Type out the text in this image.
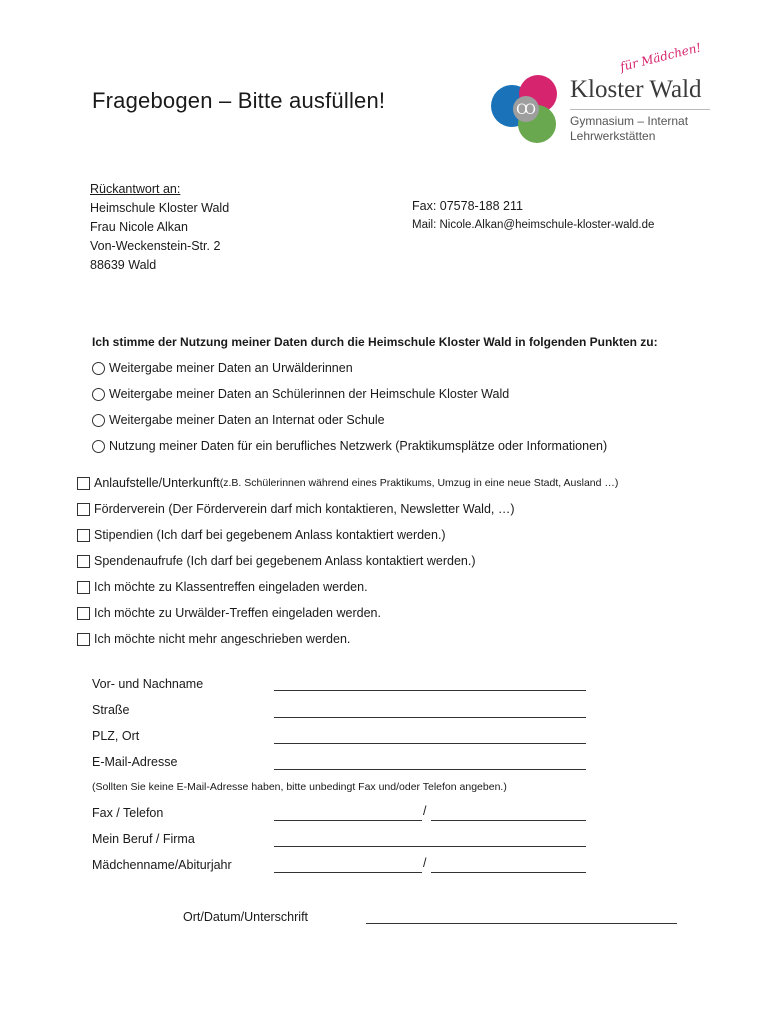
Fragebogen – Bitte ausfüllen!	Ꝏ
für Mädchen!
Kloster Wald
Gymnasium – Internat
Lehrwerkstätten
Rückantwort an:
Heimschule Kloster Wald
Frau Nicole Alkan
Von-Weckenstein-Str. 2
88639 Wald
Fax: 07578-188 211
Mail: Nicole.Alkan@heimschule-kloster-wald.de
Ich stimme der Nutzung meiner Daten durch die Heimschule Kloster Wald in folgenden Punkten zu:
Weitergabe meiner Daten an Urwälderinnen
Weitergabe meiner Daten an Schülerinnen der Heimschule Kloster Wald
Weitergabe meiner Daten an Internat oder Schule
Nutzung meiner Daten für ein berufliches Netzwerk (Praktikumsplätze oder Informationen)
Anlaufstelle/Unterkunft (z.B. Schülerinnen während eines Praktikums, Umzug in eine neue Stadt, Ausland …)
Förderverein (Der Förderverein darf mich kontaktieren, Newsletter Wald, …)
Stipendien (Ich darf bei gegebenem Anlass kontaktiert werden.)
Spendenaufrufe (Ich darf bei gegebenem Anlass kontaktiert werden.)
Ich möchte zu Klassentreffen eingeladen werden.
Ich möchte zu Urwälder-Treffen eingeladen werden.
Ich möchte nicht mehr angeschrieben werden.
Vor- und Nachname
Straße
PLZ, Ort
E-Mail-Adresse
(Sollten Sie keine E-Mail-Adresse haben, bitte unbedingt Fax und/oder Telefon angeben.)
Fax / Telefon	/
Mein Beruf / Firma
Mädchenname/Abiturjahr	/
Ort/Datum/Unterschrift
